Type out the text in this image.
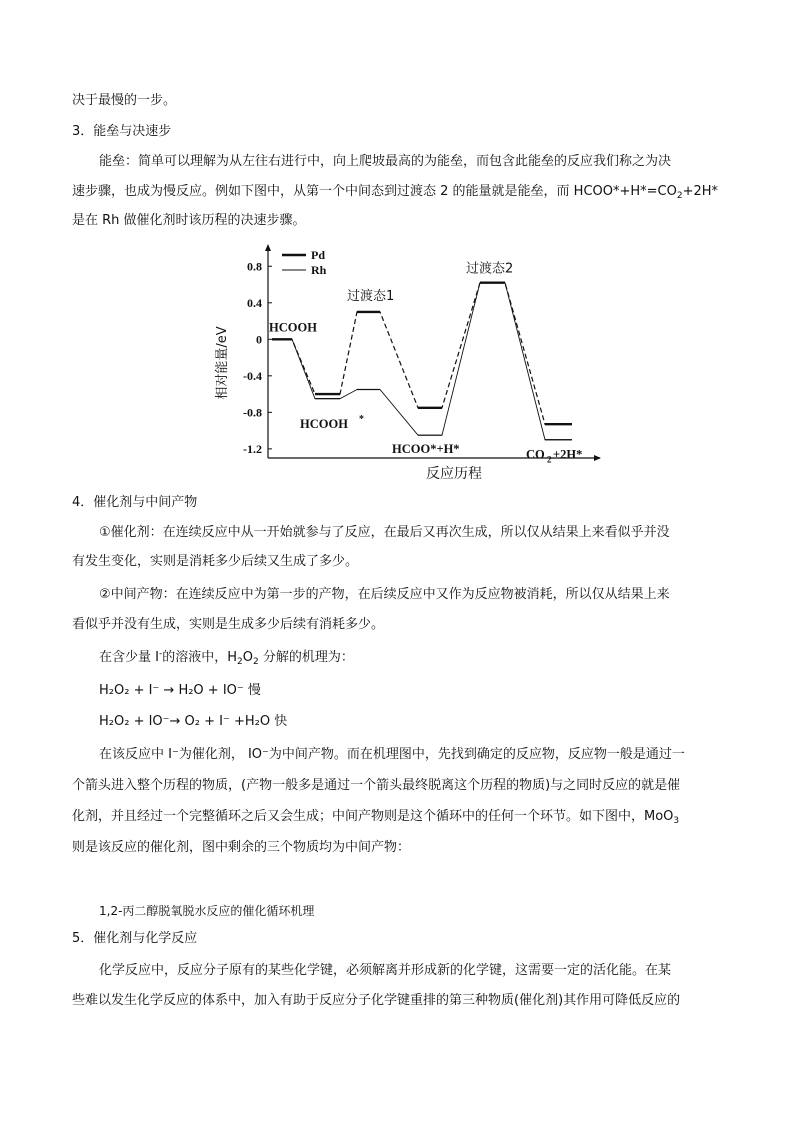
决于最慢的一步。
3．能垒与决速步
能垒：简单可以理解为从左往右进行中，向上爬坡最高的为能垒，而包含此能垒的反应我们称之为决
速步骤，也成为慢反应。例如下图中，从第一个中间态到过渡态 2 的能量就是能垒，而 $HCOO*+H*=CO_2+2H*$
是在 Rh 做催化剂时该历程的决速步骤。
相对能量/eV
反应历程
0.8
0.4
0
-0.4
-0.8
-1.2
Pd
Rh
HCOOH
HCOOH *
过渡态1
HCOO*+H*
过渡态2
CO 2 +2H*
4．催化剂与中间产物
①催化剂：在连续反应中从一开始就参与了反应，在最后又再次生成，所以仅从结果上来看似乎并没
有发生变化，实则是消耗多少后续又生成了多少。
②中间产物：在连续反应中为第一步的产物，在后续反应中又作为反应物被消耗，所以仅从结果上来
看似乎并没有生成，实则是生成多少后续有消耗多少。
在含少量 I-的溶液中，$H_2O_2$ 分解的机理为：
H₂O₂ + I⁻ → H₂O + IO⁻ 慢
H₂O₂ + IO⁻→ O₂ + I⁻ +H₂O 快
在该反应中 I⁻为催化剂， IO⁻为中间产物。而在机理图中，先找到确定的反应物，反应物一般是通过一
个箭头进入整个历程的物质，(产物一般多是通过一个箭头最终脱离这个历程的物质)与之同时反应的就是催
化剂，并且经过一个完整循环之后又会生成；中间产物则是这个循环中的任何一个环节。如下图中，MoO$_3$
则是该反应的催化剂，图中剩余的三个物质均为中间产物：
1,2-丙二醇脱氧脱水反应的催化循环机理
5．催化剂与化学反应
化学反应中，反应分子原有的某些化学键，必须解离并形成新的化学键，这需要一定的活化能。在某
些难以发生化学反应的体系中，加入有助于反应分子化学键重排的第三种物质(催化剂)其作用可降低反应的
